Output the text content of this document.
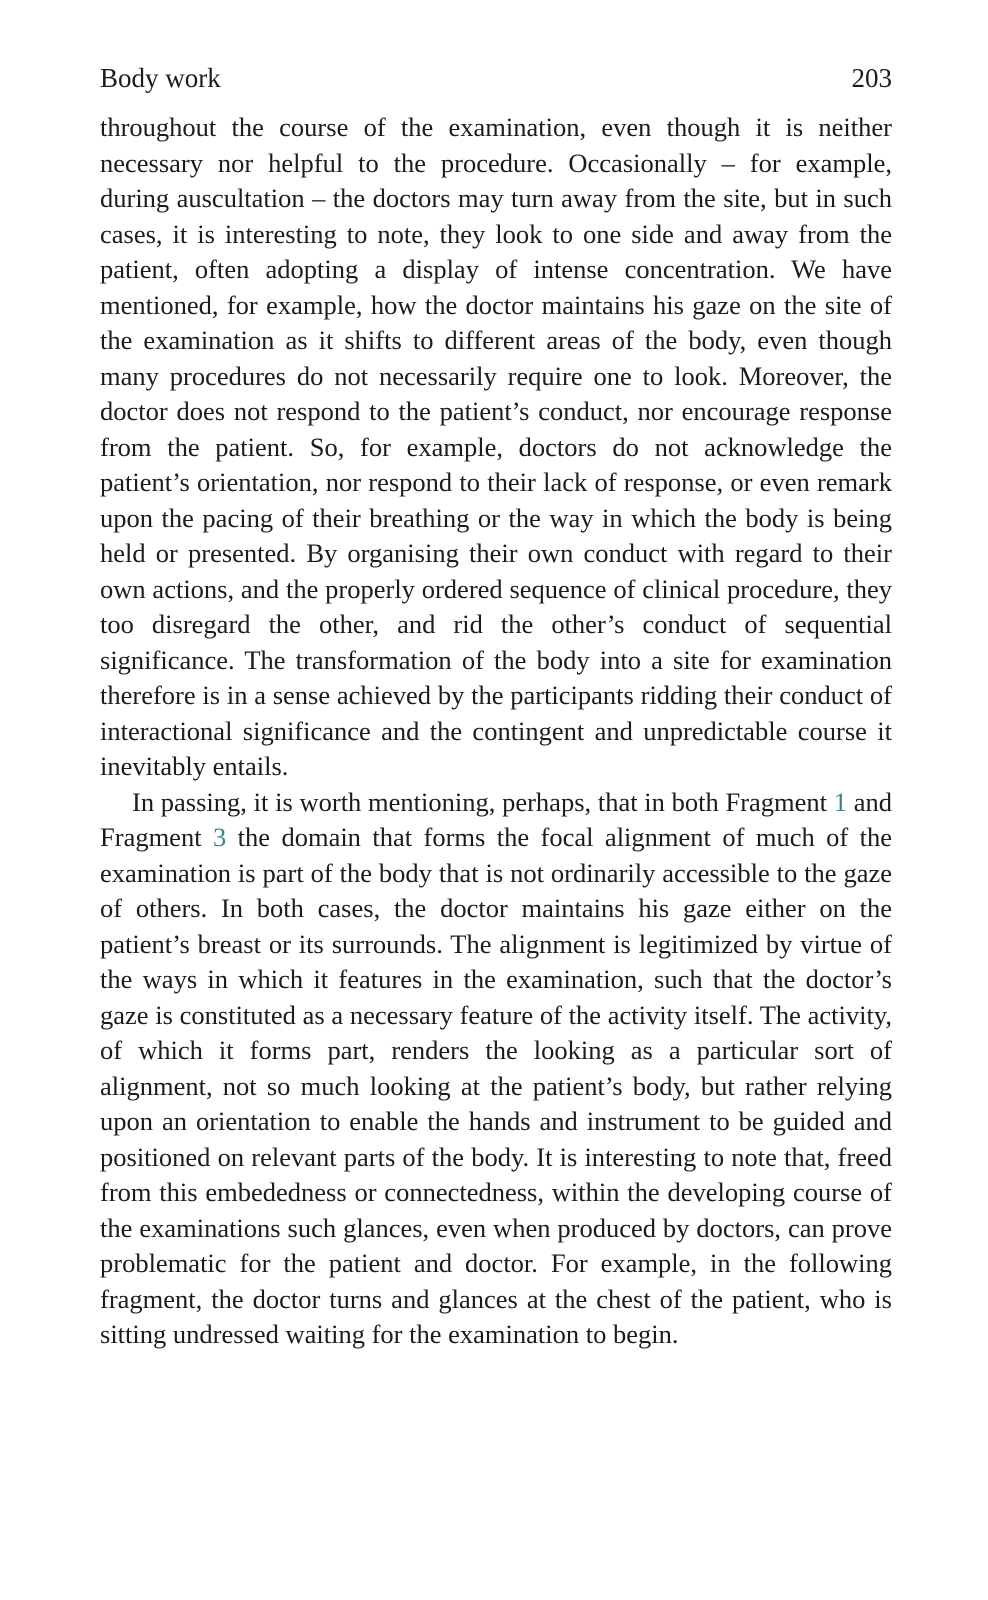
Body work	203

throughout the course of the examination, even though it is neither necessary nor helpful to the procedure. Occasionally – for example, during auscultation – the doctors may turn away from the site, but in such cases, it is interesting to note, they look to one side and away from the patient, often adopting a display of intense concentration. We have mentioned, for example, how the doctor maintains his gaze on the site of the examination as it shifts to different areas of the body, even though many procedures do not necessarily require one to look. Moreover, the doctor does not respond to the patient’s conduct, nor encourage response from the patient. So, for example, doctors do not acknowledge the patient’s orientation, nor respond to their lack of response, or even remark upon the pacing of their breathing or the way in which the body is being held or presented. By organising their own conduct with regard to their own actions, and the properly ordered sequence of clinical procedure, they too disregard the other, and rid the other’s conduct of sequential significance. The transformation of the body into a site for examination therefore is in a sense achieved by the participants ridding their conduct of interactional significance and the contingent and unpredictable course it inevitably entails.

In passing, it is worth mentioning, perhaps, that in both Fragment 1 and Fragment 3 the domain that forms the focal alignment of much of the examination is part of the body that is not ordinarily accessible to the gaze of others. In both cases, the doctor maintains his gaze either on the patient’s breast or its surrounds. The alignment is legitimized by virtue of the ways in which it features in the examination, such that the doctor’s gaze is constituted as a necessary feature of the activity itself. The activity, of which it forms part, renders the looking as a particular sort of alignment, not so much looking at the patient’s body, but rather relying upon an orientation to enable the hands and instrument to be guided and positioned on relevant parts of the body. It is interesting to note that, freed from this embededness or connectedness, within the developing course of the examinations such glances, even when produced by doctors, can prove problematic for the patient and doctor. For example, in the following fragment, the doctor turns and glances at the chest of the patient, who is sitting undressed waiting for the examination to begin.
